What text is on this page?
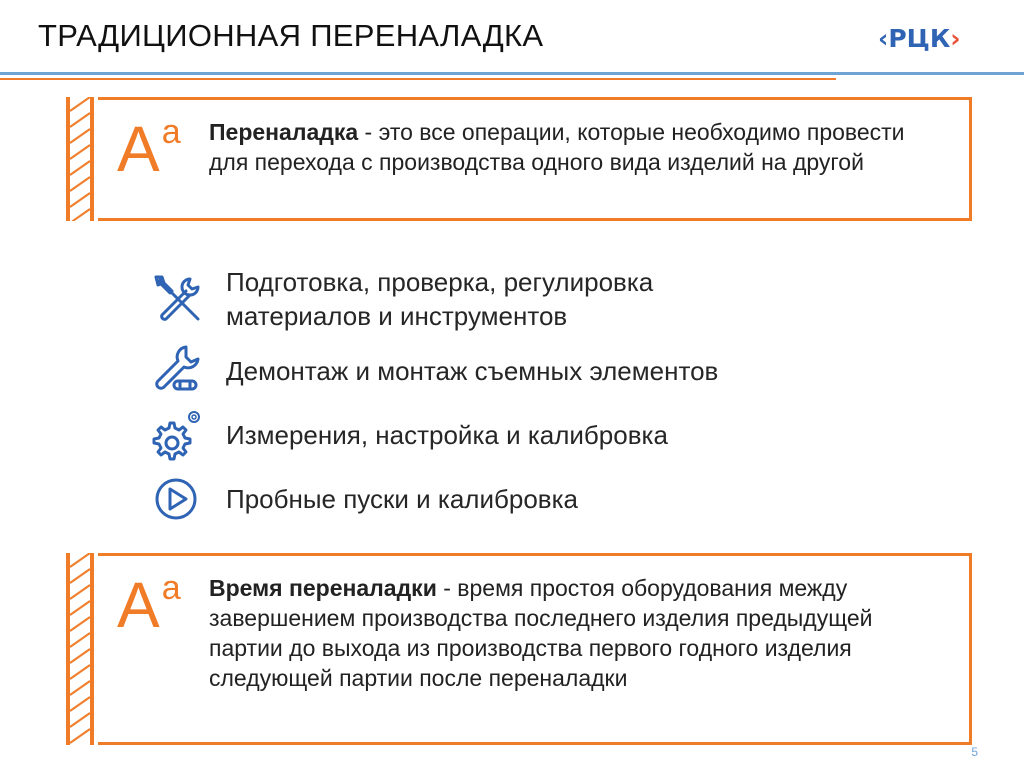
ТРАДИЦИОННАЯ ПЕРЕНАЛАДКА	‹РЦК›
Аа Переналадка - это все операции, которые необходимо провести для перехода с производства одного вида изделий на другой
Подготовка, проверка, регулировка материалов и инструментов
Демонтаж и монтаж съемных элементов
Измерения, настройка и калибровка
Пробные пуски и калибровка
Аа Время переналадки - время простоя оборудования между завершением производства последнего изделия предыдущей партии до выхода из производства первого годного изделия следующей партии после переналадки
5
